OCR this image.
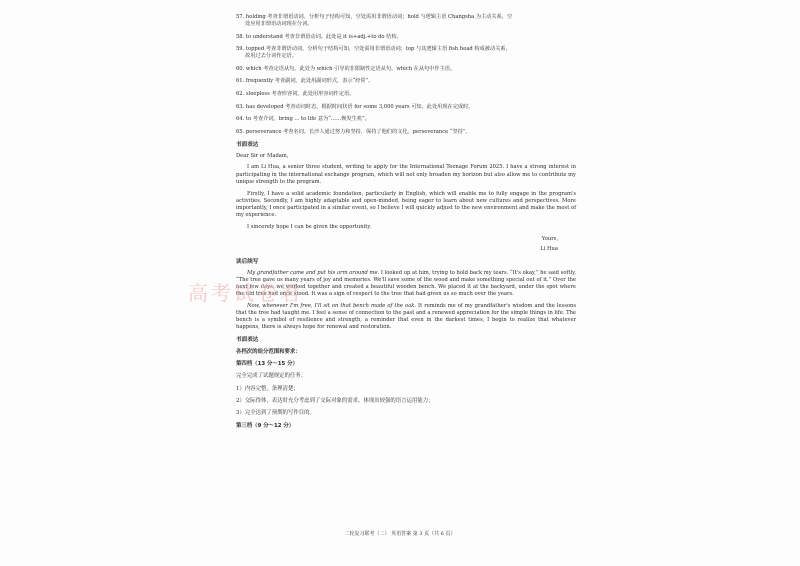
57. holding 考查非谓语动词。分析句子结构可知，空处需用非谓语动词；hold 与逻辑主语 Changsha 为主动关系，空
处应用非谓语动词现在分词。
58. to understand 考查非谓语动词。此处是 it is+adj.+to do 结构。
59. topped 考查非谓语动词。分析句子结构可知，空处需用非谓语动词；top 与其逻辑主语 fish head 构成被动关系，
故用过去分词作定语。
60. which 考查定语从句。此处为 which 引导的非限制性定语从句，which 在从句中作主语。
61. frequently 考查副词。此处用副词形式，表示“经常”。
62. sleepless 考查形容词。此处用形容词作定语。
63. has developed 考查动词时态。根据时间状语 for some 3,000 years 可知，此处用现在完成时。
64. to 考查介词。bring ... to life 意为“……焕发生机”。
65. perseverance 考查名词。长沙人通过努力和坚持，保持了他们的文化。perseverance “坚持”。
书面表达
Dear Sir or Madam,

I am Li Hua, a senior three student, writing to apply for the International Teenage Forum 2025. I have a strong interest in participating in the international exchange program, which will not only broaden my horizon but also allow me to contribute my unique strength to the program.

Firstly, I have a solid academic foundation, particularly in English, which will enable me to fully engage in the program's activities. Secondly, I am highly adaptable and open-minded, being eager to learn about new cultures and perspectives. More importantly, I once participated in a similar event, so I believe I will quickly adjust to the new environment and make the most of my experience.

I sincerely hope I can be given the opportunity.

Yours,
Li Hua
读后续写

My grandfather came and put his arm around me. I looked up at him, trying to hold back my tears. “It's okay,” he said softly, “The tree gave us many years of joy and memories. We'll save some of the wood and make something special out of it.” Over the next few days, we worked together and created a beautiful wooden bench. We placed it at the backyard, under the spot where the old tree had once stood. It was a sign of respect to the tree that had given us so much over the years.

Now, whenever I'm free, I'll sit on that bench made of the oak. It reminds me of my grandfather's wisdom and the lessons that the tree had taught me. I feel a sense of connection to the past and a renewed appreciation for the simple things in life. The bench is a symbol of resilience and strength, a reminder that even in the darkest times, I begin to realize that whatever happens, there is always hope for renewal and restoration.

书面表达
各档次的给分范围和要求：
第四档（13 分～15 分）
完全完成了试题规定的任务。
1）内容完整，条理清楚；
2）交际得体，表达时充分考虑到了交际对象的需求，体现出较强的语言运用能力；
3）完全达到了预期的写作目的。
第三档（9 分～12 分）
高考试卷君
二轮复习联考（二） 英语答案 第 3 页（共 6 页）
